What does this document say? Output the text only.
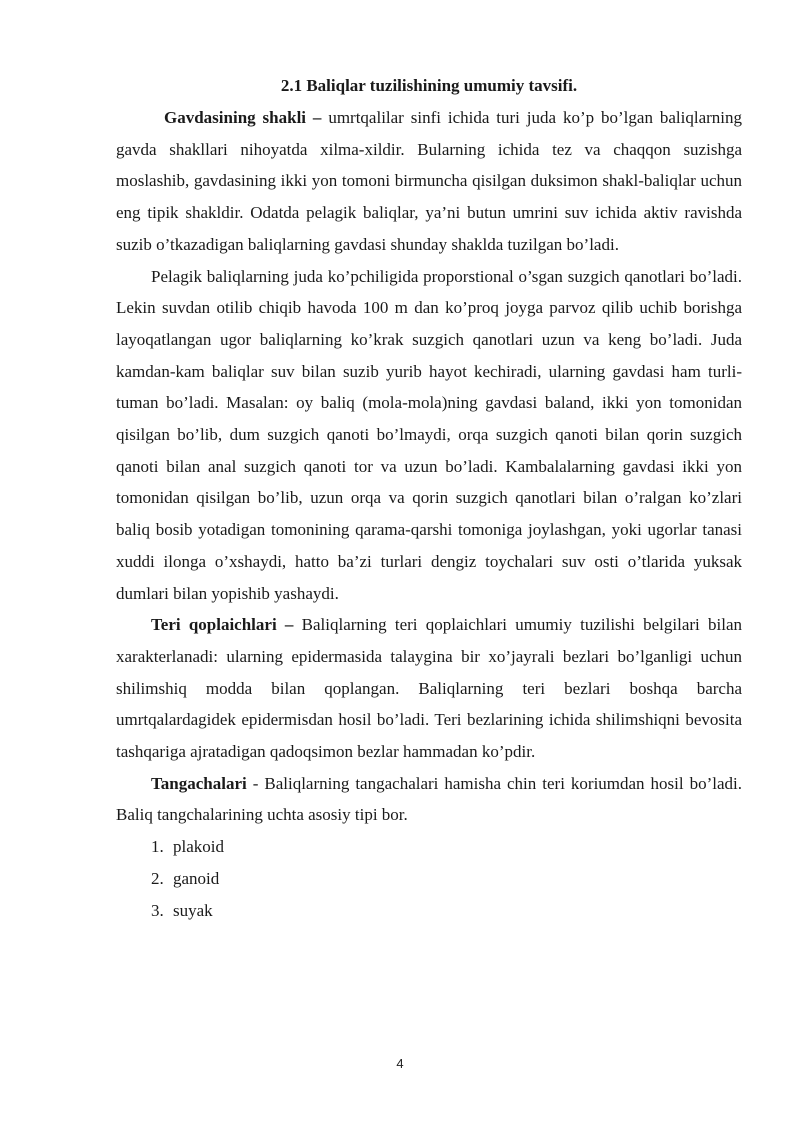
2.1 Baliqlar tuzilishining umumiy tavsifi.

Gavdasining shakli – umrtqalilar sinfi ichida turi juda ko’p bo’lgan baliqlarning gavda shakllari nihoyatda xilma-xildir. Bularning ichida tez va chaqqon suzishga moslashib, gavdasining ikki yon tomoni birmuncha qisilgan duksimon shakl-baliqlar uchun eng tipik shakldir. Odatda pelagik baliqlar, ya’ni butun umrini suv ichida aktiv ravishda suzib o’tkazadigan baliqlarning gavdasi shunday shaklda tuzilgan bo’ladi.

Pelagik baliqlarning juda ko’pchiligida proporstional o’sgan suzgich qanotlari bo’ladi. Lekin suvdan otilib chiqib havoda 100 m dan ko’proq joyga parvoz qilib uchib borishga layoqatlangan ugor baliqlarning ko’krak suzgich qanotlari uzun va keng bo’ladi. Juda kamdan-kam baliqlar suv bilan suzib yurib hayot kechiradi, ularning gavdasi ham turli-tuman bo’ladi. Masalan: oy baliq (mola-mola)ning gavdasi baland, ikki yon tomonidan qisilgan bo’lib, dum suzgich qanoti bo’lmaydi, orqa suzgich qanoti bilan qorin suzgich qanoti bilan anal suzgich qanoti tor va uzun bo’ladi. Kambalalarning gavdasi ikki yon tomonidan qisilgan bo’lib, uzun orqa va qorin suzgich qanotlari bilan o’ralgan ko’zlari baliq bosib yotadigan tomonining qarama-qarshi tomoniga joylashgan, yoki ugorlar tanasi xuddi ilonga o’xshaydi, hatto ba’zi turlari dengiz toychalari suv osti o’tlarida yuksak dumlari bilan yopishib yashaydi.

Teri qoplaichlari – Baliqlarning teri qoplaichlari umumiy tuzilishi belgilari bilan xarakterlanadi: ularning epidermasida talaygina bir xo’jayrali bezlari bo’lganligi uchun shilimshiq modda bilan qoplangan. Baliqlarning teri bezlari boshqa barcha umrtqalardagidek epidermisdan hosil bo’ladi. Teri bezlarining ichida shilimshiqni bevosita tashqariga ajratadigan qadoqsimon bezlar hammadan ko’pdir.

Tangachalari - Baliqlarning tangachalari hamisha chin teri koriumdan hosil bo’ladi. Baliq tangchalarining uchta asosiy tipi bor.

1. plakoid
2. ganoid
3. suyak
4
